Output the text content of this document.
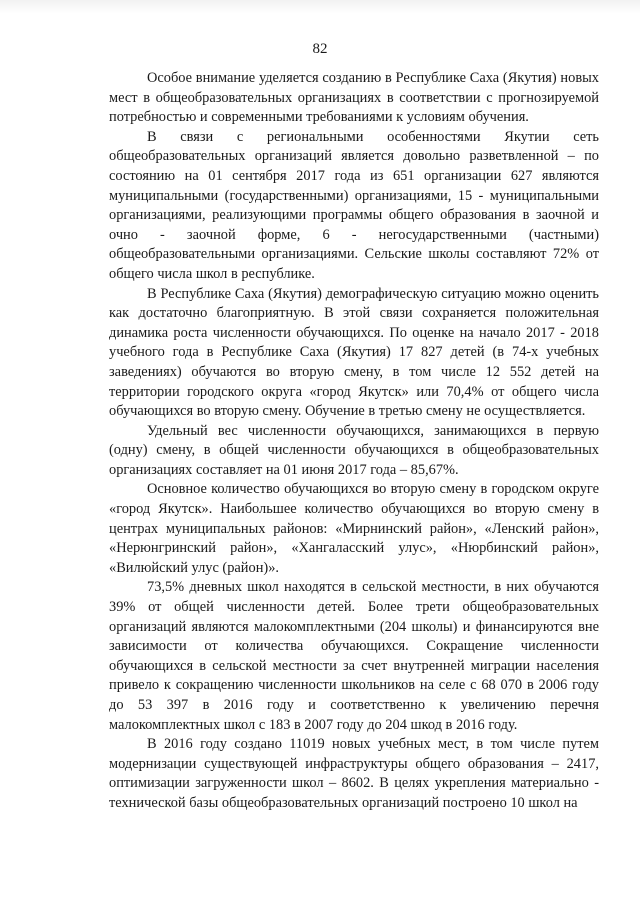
82

Особое внимание уделяется созданию в Республике Саха (Якутия) новых мест в общеобразовательных организациях в соответствии с прогнозируемой потребностью и современными требованиями к условиям обучения.

В связи с региональными особенностями Якутии сеть общеобразовательных организаций является довольно разветвленной – по состоянию на 01 сентября 2017 года из 651 организации 627 являются муниципальными (государственными) организациями, 15 - муниципальными организациями, реализующими программы общего образования в заочной и очно - заочной форме, 6 - негосударственными (частными) общеобразовательными организациями. Сельские школы составляют 72% от общего числа школ в республике.

В Республике Саха (Якутия) демографическую ситуацию можно оценить как достаточно благоприятную. В этой связи сохраняется положительная динамика роста численности обучающихся. По оценке на начало 2017 - 2018 учебного года в Республике Саха (Якутия) 17 827 детей (в 74-х учебных заведениях) обучаются во вторую смену, в том числе 12 552 детей на территории городского округа «город Якутск» или 70,4% от общего числа обучающихся во вторую смену. Обучение в третью смену не осуществляется.

Удельный вес численности обучающихся, занимающихся в первую (одну) смену, в общей численности обучающихся в общеобразовательных организациях составляет на 01 июня 2017 года – 85,67%.

Основное количество обучающихся во вторую смену в городском округе «город Якутск». Наибольшее количество обучающихся во вторую смену в центрах муниципальных районов: «Мирнинский район», «Ленский район», «Нерюнгринский район», «Хангаласский улус», «Нюрбинский район», «Вилюйский улус (район)».

73,5% дневных школ находятся в сельской местности, в них обучаются 39% от общей численности детей. Более трети общеобразовательных организаций являются малокомплектными (204 школы) и финансируются вне зависимости от количества обучающихся. Сокращение численности обучающихся в сельской местности за счет внутренней миграции населения привело к сокращению численности школьников на селе с 68 070 в 2006 году до 53 397 в 2016 году и соответственно к увеличению перечня малокомплектных школ с 183 в 2007 году до 204 шкод в 2016 году.

В 2016 году создано 11019 новых учебных мест, в том числе путем модернизации существующей инфраструктуры общего образования – 2417, оптимизации загруженности школ – 8602. В целях укрепления материально - технической базы общеобразовательных организаций построено 10 школ на
